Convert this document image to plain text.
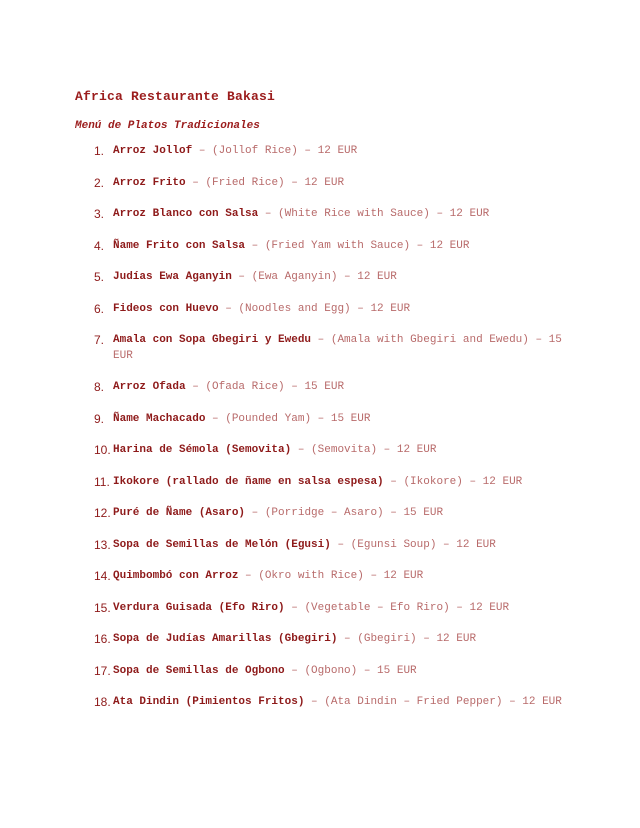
Africa Restaurante Bakasi
Menú de Platos Tradicionales
1. Arroz Jollof – (Jollof Rice) – 12 EUR
2. Arroz Frito – (Fried Rice) – 12 EUR
3. Arroz Blanco con Salsa – (White Rice with Sauce) – 12 EUR
4. Ñame Frito con Salsa – (Fried Yam with Sauce) – 12 EUR
5. Judías Ewa Aganyin – (Ewa Aganyin) – 12 EUR
6. Fideos con Huevo – (Noodles and Egg) – 12 EUR
7. Amala con Sopa Gbegiri y Ewedu – (Amala with Gbegiri and Ewedu) – 15 EUR
8. Arroz Ofada – (Ofada Rice) – 15 EUR
9. Ñame Machacado – (Pounded Yam) – 15 EUR
10. Harina de Sémola (Semovita) – (Semovita) – 12 EUR
11. Ikokore (rallado de ñame en salsa espesa) – (Ikokore) – 12 EUR
12. Puré de Ñame (Asaro) – (Porridge – Asaro) – 15 EUR
13. Sopa de Semillas de Melón (Egusi) – (Egunsi Soup) – 12 EUR
14. Quimbombó con Arroz – (Okro with Rice) – 12 EUR
15. Verdura Guisada (Efo Riro) – (Vegetable – Efo Riro) – 12 EUR
16. Sopa de Judías Amarillas (Gbegiri) – (Gbegiri) – 12 EUR
17. Sopa de Semillas de Ogbono – (Ogbono) – 15 EUR
18. Ata Dindin (Pimientos Fritos) – (Ata Dindin – Fried Pepper) – 12 EUR
